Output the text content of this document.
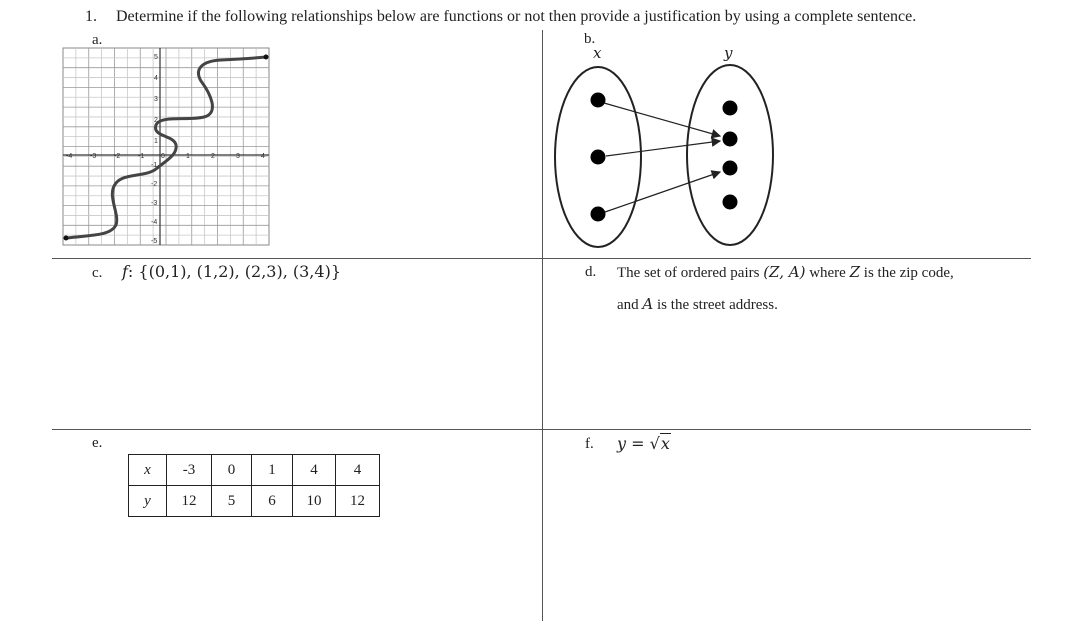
1. Determine if the following relationships below are functions or not then provide a justification by using a complete sentence.
a.
-4	-3	-2	-1 0	1	2	3	4
5
4
3
2
1
-1
-2
-3
-4
-5
b.
x	y
c. f: {(0,1), (1,2), (2,3), (3,4)}	d. The set of ordered pairs (Z, A) where Z is the zip code,
and A is the street address.
e.
x	-3	0	1	4	4
y	12	5	6	10	12
f. y = √x
